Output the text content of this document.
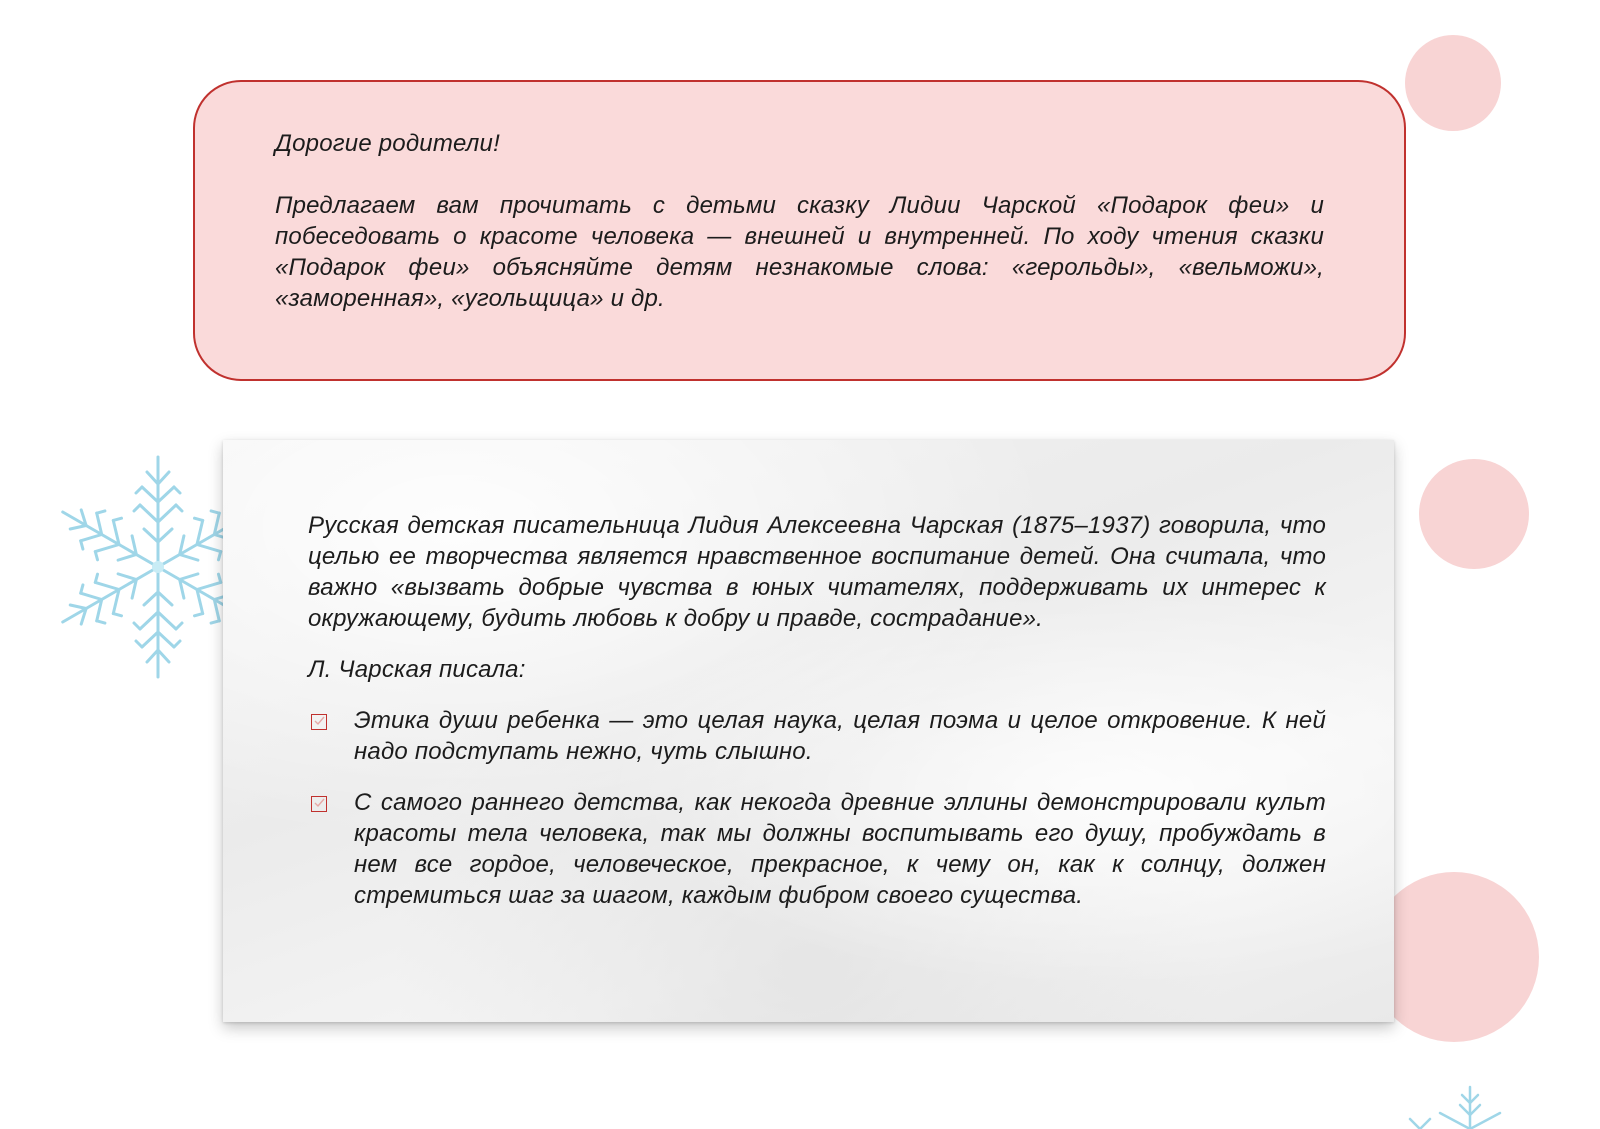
Дорогие родители!

Предлагаем вам прочитать с детьми сказку Лидии Чарской «Подарок феи» и побеседовать о красоте человека — внешней и внутренней. По ходу чтения сказки «Подарок феи» объясняйте детям незнакомые слова: «герольды», «вельможи», «заморенная», «угольщица» и др.

Русская детская писательница Лидия Алексеевна Чарская (1875–1937) говорила, что целью ее творчества является нравственное воспитание детей. Она считала, что важно «вызвать добрые чувства в юных читателях, поддерживать их интерес к окружающему, будить любовь к добру и правде, сострадание».

Л. Чарская писала:

Этика души ребенка — это целая наука, целая поэма и целое откровение. К ней надо подступать нежно, чуть слышно.

С самого раннего детства, как некогда древние эллины демонстрировали культ красоты тела человека, так мы должны воспитывать его душу, пробуждать в нем все гордое, человеческое, прекрасное, к чему он, как к солнцу, должен стремиться шаг за шагом, каждым фибром своего существа.
